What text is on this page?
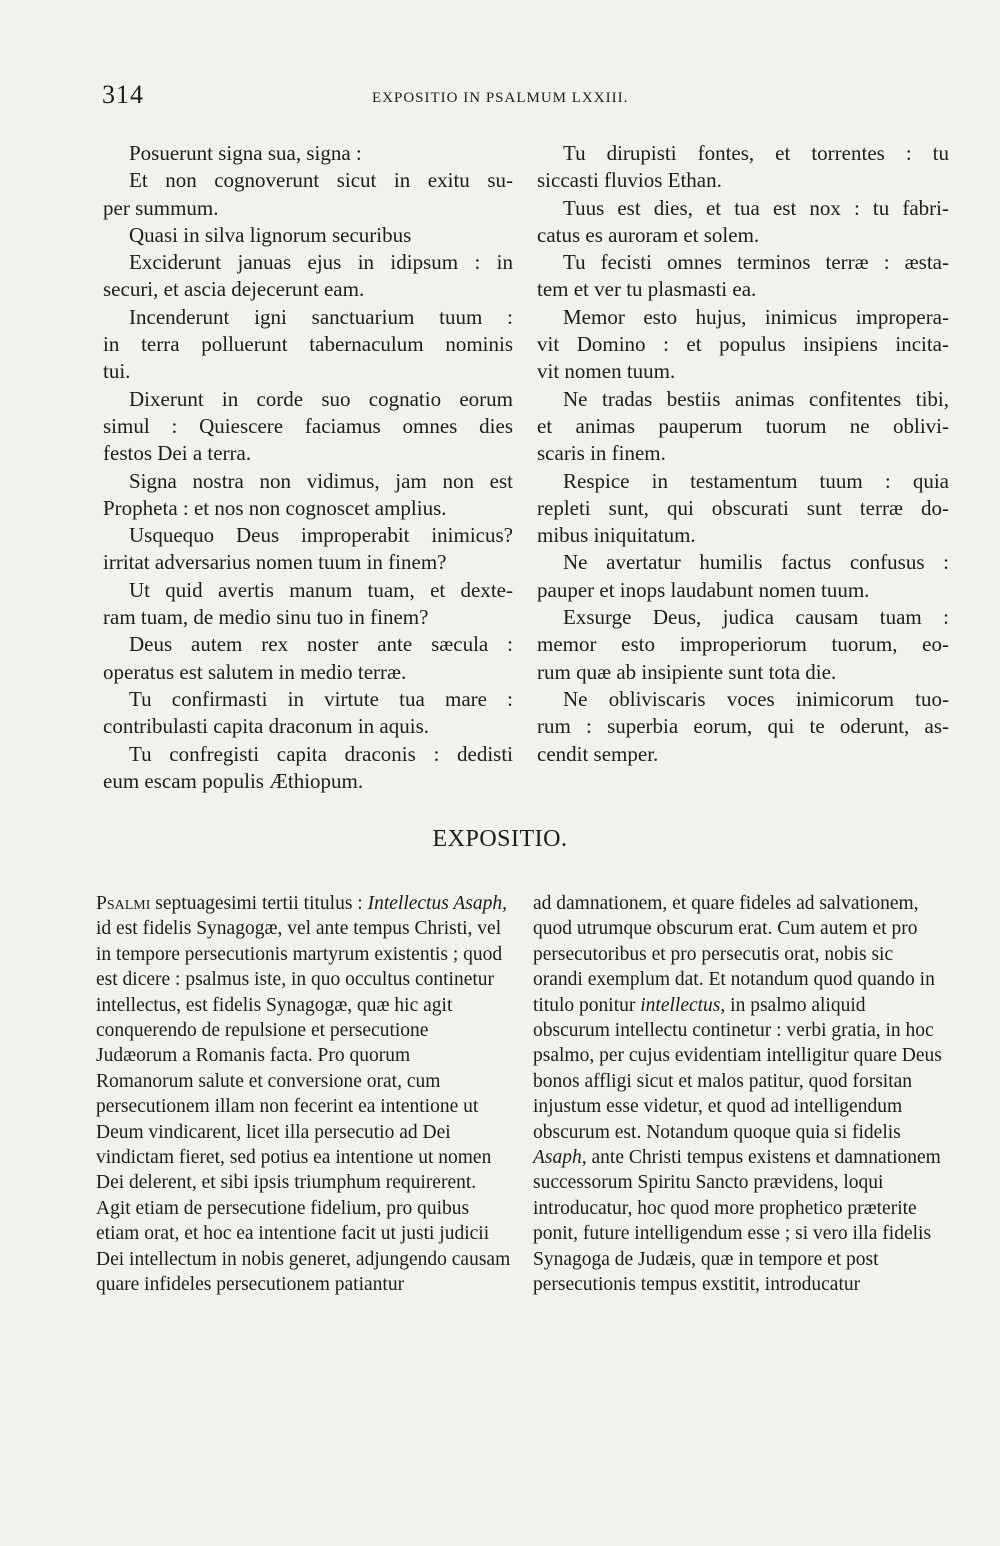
314	EXPOSITIO IN PSALMUM LXXIII.

Posuerunt signa sua, signa :

Et non cognoverunt sicut in exitu su-
per summum.

Quasi in silva lignorum securibus

Exciderunt januas ejus in idipsum : in
securi, et ascia dejecerunt eam.

Incenderunt igni sanctuarium tuum :
in terra polluerunt tabernaculum nominis
tui.

Dixerunt in corde suo cognatio eorum
simul : Quiescere faciamus omnes dies
festos Dei a terra.

Signa nostra non vidimus, jam non est
Propheta : et nos non cognoscet amplius.

Usquequo Deus improperabit inimicus?
irritat adversarius nomen tuum in finem?

Ut quid avertis manum tuam, et dexte-
ram tuam, de medio sinu tuo in finem?

Deus autem rex noster ante sæcula :
operatus est salutem in medio terræ.

Tu confirmasti in virtute tua mare :
contribulasti capita draconum in aquis.

Tu confregisti capita draconis : dedisti
eum escam populis Æthiopum.

Tu dirupisti fontes, et torrentes : tu
siccasti fluvios Ethan.

Tuus est dies, et tua est nox : tu fabri-
catus es auroram et solem.

Tu fecisti omnes terminos terræ : æsta-
tem et ver tu plasmasti ea.

Memor esto hujus, inimicus impropera-
vit Domino : et populus insipiens incita-
vit nomen tuum.

Ne tradas bestiis animas confitentes tibi,
et animas pauperum tuorum ne oblivi-
scaris in finem.

Respice in testamentum tuum : quia
repleti sunt, qui obscurati sunt terræ do-
mibus iniquitatum.

Ne avertatur humilis factus confusus :
pauper et inops laudabunt nomen tuum.

Exsurge Deus, judica causam tuam :
memor esto improperiorum tuorum, eo-
rum quæ ab insipiente sunt tota die.

Ne obliviscaris voces inimicorum tuo-
rum : superbia eorum, qui te oderunt, as-
cendit semper.

EXPOSITIO.

Psalmi septuagesimi tertii titulus : Intellectus Asaph, id est fidelis Synagogæ, vel ante tempus Christi, vel in tempore persecutionis martyrum existentis ; quod est dicere : psalmus iste, in quo occultus continetur intellectus, est fidelis Synagogæ, quæ hic agit conquerendo de repulsione et persecutione Judæorum a Romanis facta. Pro quorum Romanorum salute et conversione orat, cum persecutionem illam non fecerint ea intentione ut Deum vindicarent, licet illa persecutio ad Dei vindictam fieret, sed potius ea intentione ut nomen Dei delerent, et sibi ipsis triumphum requirerent. Agit etiam de persecutione fidelium, pro quibus etiam orat, et hoc ea intentione facit ut justi judicii Dei intellectum in nobis generet, adjungendo causam quare infideles persecutionem patiantur

ad damnationem, et quare fideles ad salvationem, quod utrumque obscurum erat. Cum autem et pro persecutoribus et pro persecutis orat, nobis sic orandi exemplum dat. Et notandum quod quando in titulo ponitur intellectus, in psalmo aliquid obscurum intellectu continetur : verbi gratia, in hoc psalmo, per cujus evidentiam intelligitur quare Deus bonos affligi sicut et malos patitur, quod forsitan injustum esse videtur, et quod ad intelligendum obscurum est. Notandum quoque quia si fidelis Asaph, ante Christi tempus existens et damnationem successorum Spiritu Sancto prævidens, loqui introducatur, hoc quod more prophetico præterite ponit, future intelligendum esse ; si vero illa fidelis Synagoga de Judæis, quæ in tempore et post persecutionis tempus exstitit, introducatur
